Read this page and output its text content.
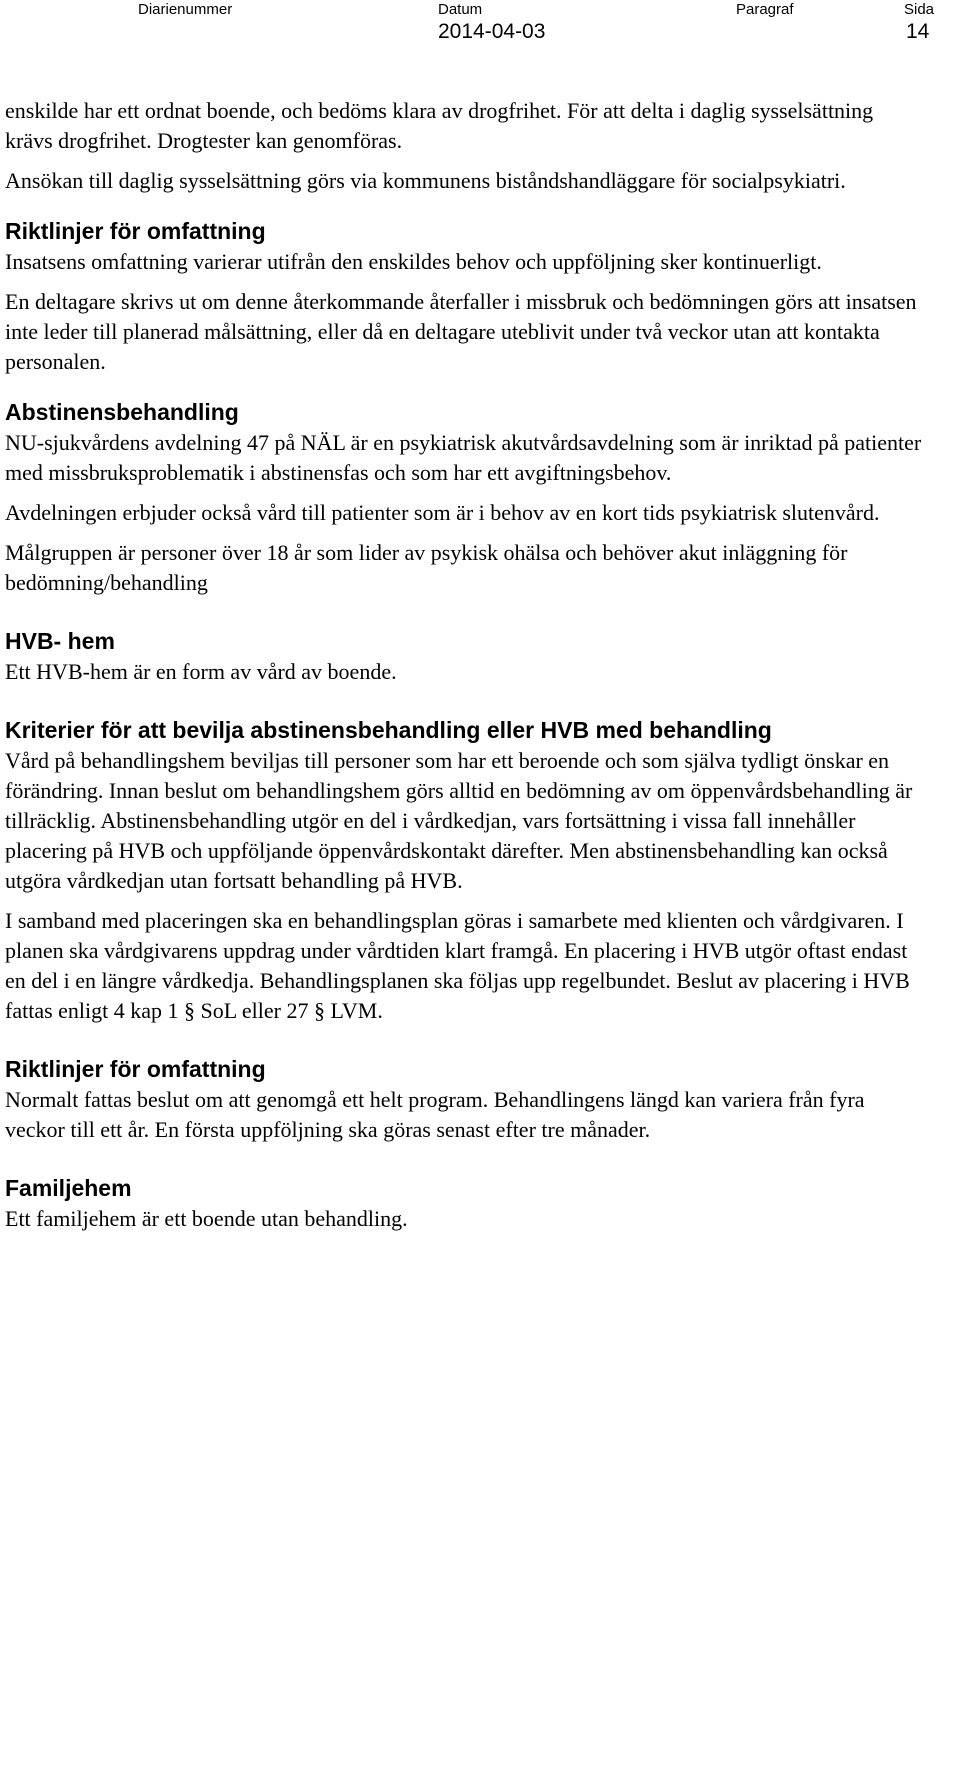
Diarienummer	Datum
2014-04-03
Paragraf	Sida
14

enskilde har ett ordnat boende, och bedöms klara av drogfrihet. För att delta i daglig sysselsättning krävs drogfrihet. Drogtester kan genomföras.

Ansökan till daglig sysselsättning görs via kommunens biståndshandläggare för socialpsykiatri.

Riktlinjer för omfattning

Insatsens omfattning varierar utifrån den enskildes behov och uppföljning sker kontinuerligt.

En deltagare skrivs ut om denne återkommande återfaller i missbruk och bedömningen görs att insatsen inte leder till planerad målsättning, eller då en deltagare uteblivit under två veckor utan att kontakta personalen.

Abstinensbehandling

NU-sjukvårdens avdelning 47 på NÄL är en psykiatrisk akutvårdsavdelning som är inriktad på patienter med missbruksproblematik i abstinensfas och som har ett avgiftningsbehov.

Avdelningen erbjuder också vård till patienter som är i behov av en kort tids psykiatrisk slutenvård.

Målgruppen är personer över 18 år som lider av psykisk ohälsa och behöver akut inläggning för bedömning/behandling

HVB- hem

Ett HVB-hem är en form av vård av boende.

Kriterier för att bevilja abstinensbehandling eller HVB med behandling

Vård på behandlingshem beviljas till personer som har ett beroende och som själva tydligt önskar en förändring. Innan beslut om behandlingshem görs alltid en bedömning av om öppenvårdsbehandling är tillräcklig. Abstinensbehandling utgör en del i vårdkedjan, vars fortsättning i vissa fall innehåller placering på HVB och uppföljande öppenvårdskontakt därefter. Men abstinensbehandling kan också utgöra vårdkedjan utan fortsatt behandling på HVB.

I samband med placeringen ska en behandlingsplan göras i samarbete med klienten och vårdgivaren. I planen ska vårdgivarens uppdrag under vårdtiden klart framgå. En placering i HVB utgör oftast endast en del i en längre vårdkedja. Behandlingsplanen ska följas upp regelbundet. Beslut av placering i HVB fattas enligt 4 kap 1 § SoL eller 27 § LVM.

Riktlinjer för omfattning

Normalt fattas beslut om att genomgå ett helt program. Behandlingens längd kan variera från fyra veckor till ett år. En första uppföljning ska göras senast efter tre månader.

Familjehem

Ett familjehem är ett boende utan behandling.
